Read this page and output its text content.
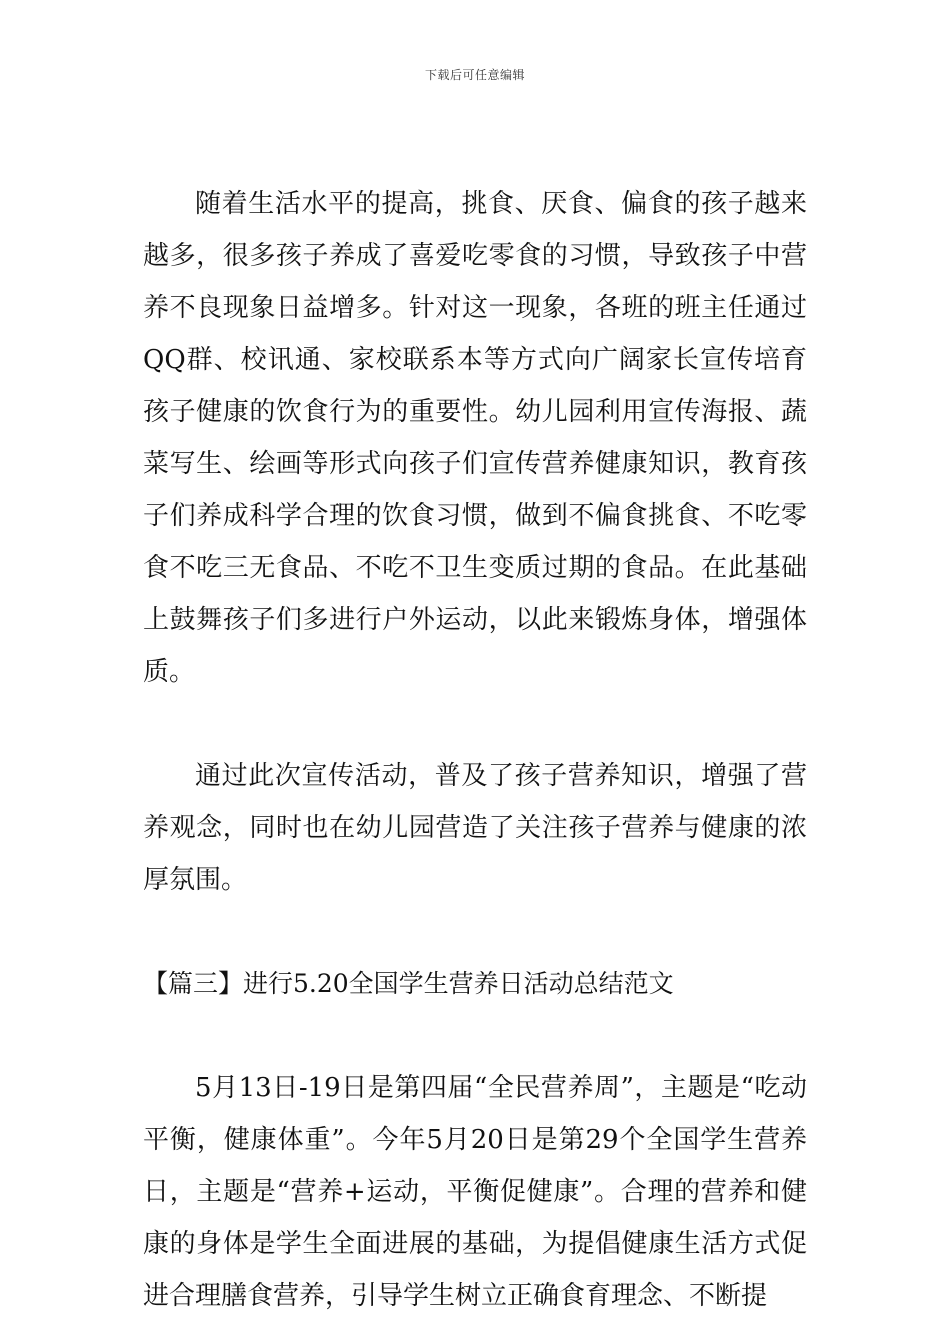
下载后可任意编辑

随着生活水平的提高，挑食、厌食、偏食的孩子越来越多，很多孩子养成了喜爱吃零食的习惯，导致孩子中营养不良现象日益增多。针对这一现象，各班的班主任通过QQ群、校讯通、家校联系本等方式向广阔家长宣传培育孩子健康的饮食行为的重要性。幼儿园利用宣传海报、蔬菜写生、绘画等形式向孩子们宣传营养健康知识，教育孩子们养成科学合理的饮食习惯，做到不偏食挑食、不吃零食不吃三无食品、不吃不卫生变质过期的食品。在此基础上鼓舞孩子们多进行户外运动，以此来锻炼身体，增强体质。

通过此次宣传活动，普及了孩子营养知识，增强了营养观念，同时也在幼儿园营造了关注孩子营养与健康的浓厚氛围。

【篇三】进行5.20全国学生营养日活动总结范文

5月13日-19日是第四届“全民营养周”，主题是“吃动平衡，健康体重”。今年5月20日是第29个全国学生营养日，主题是“营养+运动，平衡促健康”。合理的营养和健康的身体是学生全面进展的基础，为提倡健康生活方式促进合理膳食营养，引导学生树立正确食育理念、不断提
